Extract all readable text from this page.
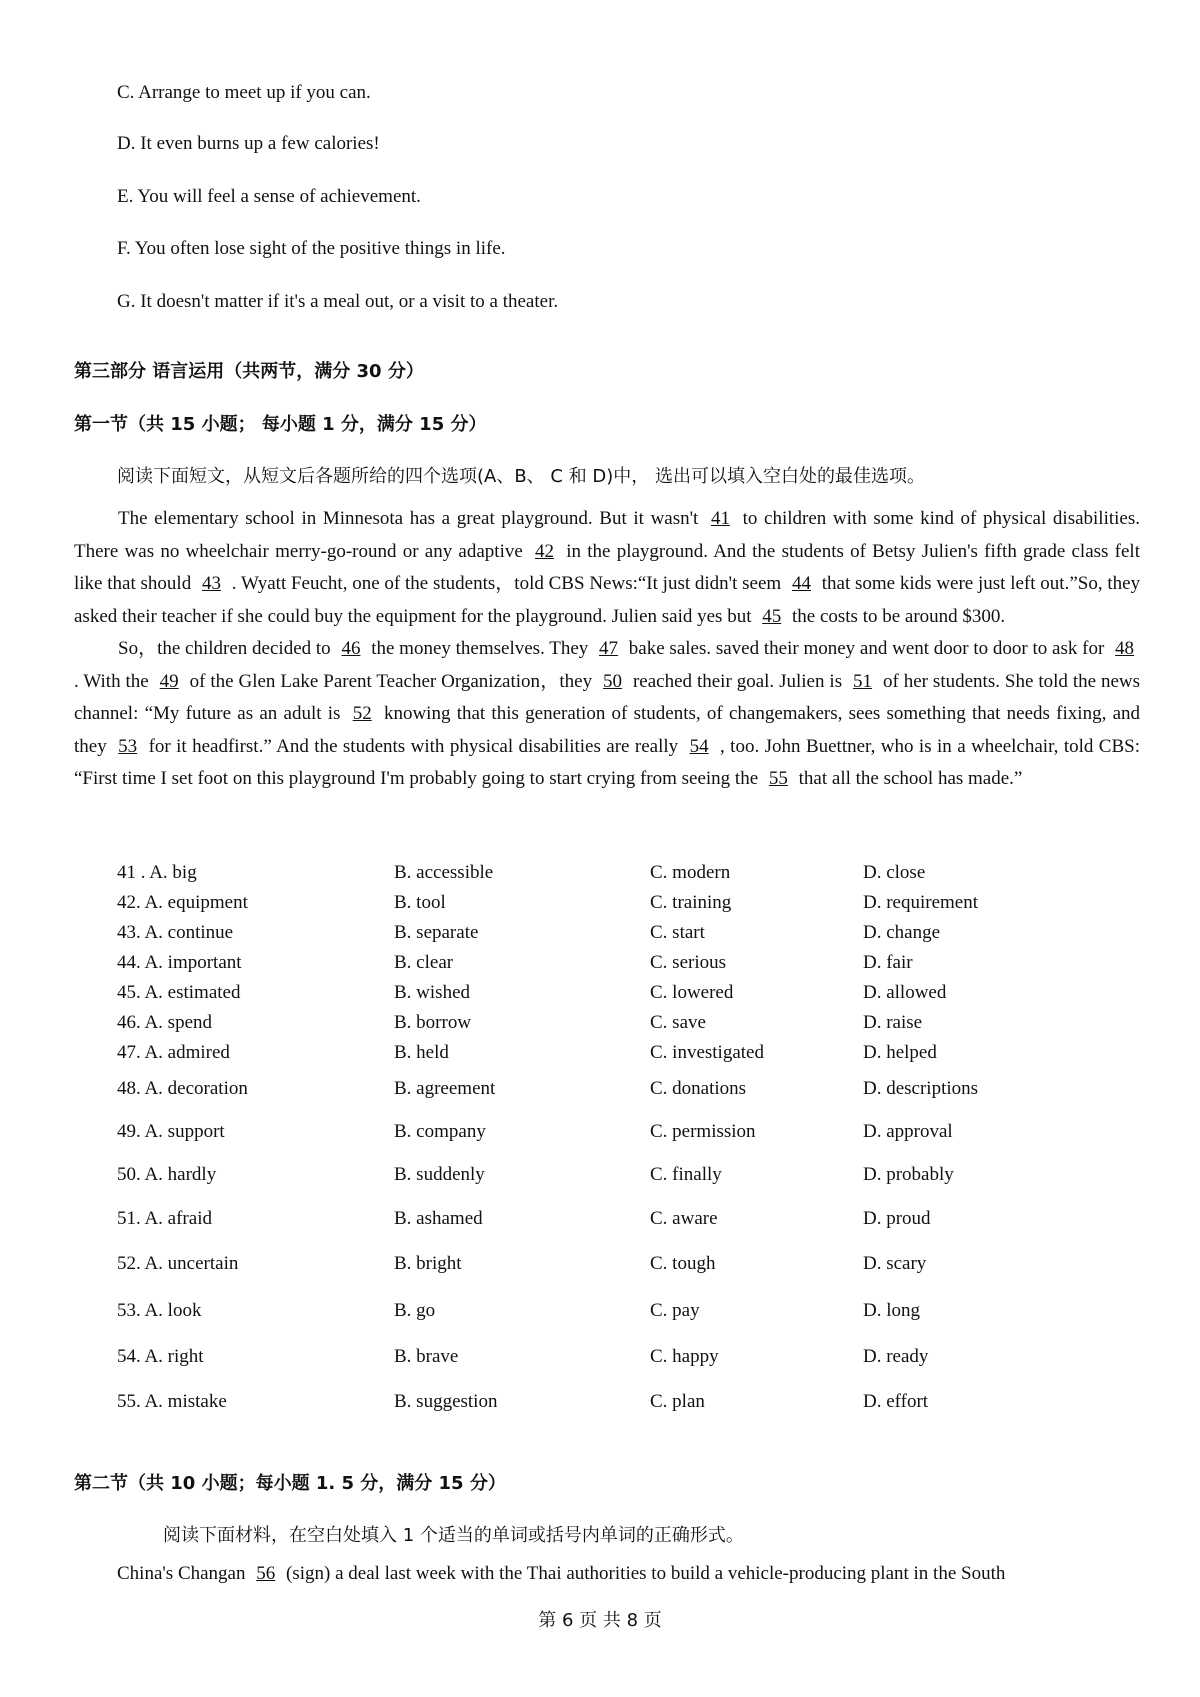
C. Arrange to meet up if you can.
D. It even burns up a few calories!
E. You will feel a sense of achievement.
F. You often lose sight of the positive things in life.
G. It doesn't matter if it's a meal out, or a visit to a theater.
第三部分 语言运用（共两节，满分 30 分）
第一节（共 15 小题； 每小题 1 分，满分 15 分）
阅读下面短文，从短文后各题所给的四个选项(A、B、 C 和 D)中， 选出可以填入空白处的最佳选项。

The elementary school in Minnesota has a great playground. But it wasn't 41 to children with some kind of physical disabilities. There was no wheelchair merry-go-round or any adaptive 42 in the playground. And the students of Betsy Julien's fifth grade class felt like that should 43 . Wyatt Feucht, one of the students，told CBS News:“It just didn't seem 44 that some kids were just left out.”So, they asked their teacher if she could buy the equipment for the playground. Julien said yes but 45 the costs to be around $300.

So，the children decided to 46 the money themselves. They 47 bake sales. saved their money and went door to door to ask for 48 . With the 49 of the Glen Lake Parent Teacher Organization，they 50 reached their goal. Julien is 51 of her students. She told the news channel: “My future as an adult is 52 knowing that this generation of students, of changemakers, sees something that needs fixing, and they 53 for it headfirst.” And the students with physical disabilities are really 54 , too. John Buettner, who is in a wheelchair, told CBS: “First time I set foot on this playground I'm probably going to start crying from seeing the 55 that all the school has made.”

41 . A. big	B. accessible	C. modern	D. close
42. A. equipment	B. tool	C. training	D. requirement
43. A. continue	B. separate	C. start	D. change
44. A. important	B. clear	C. serious	D. fair
45. A. estimated	B. wished	C. lowered	D. allowed
46. A. spend	B. borrow	C. save	D. raise
47. A. admired	B. held	C. investigated	D. helped
48. A. decoration	B. agreement	C. donations	D. descriptions
49. A. support	B. company	C. permission	D. approval
50. A. hardly	B. suddenly	C. finally	D. probably
51. A. afraid	B. ashamed	C. aware	D. proud
52. A. uncertain	B. bright	C. tough	D. scary
53. A. look	B. go	C. pay	D. long
54. A. right	B. brave	C. happy	D. ready
55. A. mistake	B. suggestion	C. plan	D. effort
第二节（共 10 小题；每小题 1. 5 分，满分 15 分）
阅读下面材料，在空白处填入 1 个适当的单词或括号内单词的正确形式。
China's Changan 56 (sign) a deal last week with the Thai authorities to build a vehicle-producing plant in the South
第 6 页 共 8 页
